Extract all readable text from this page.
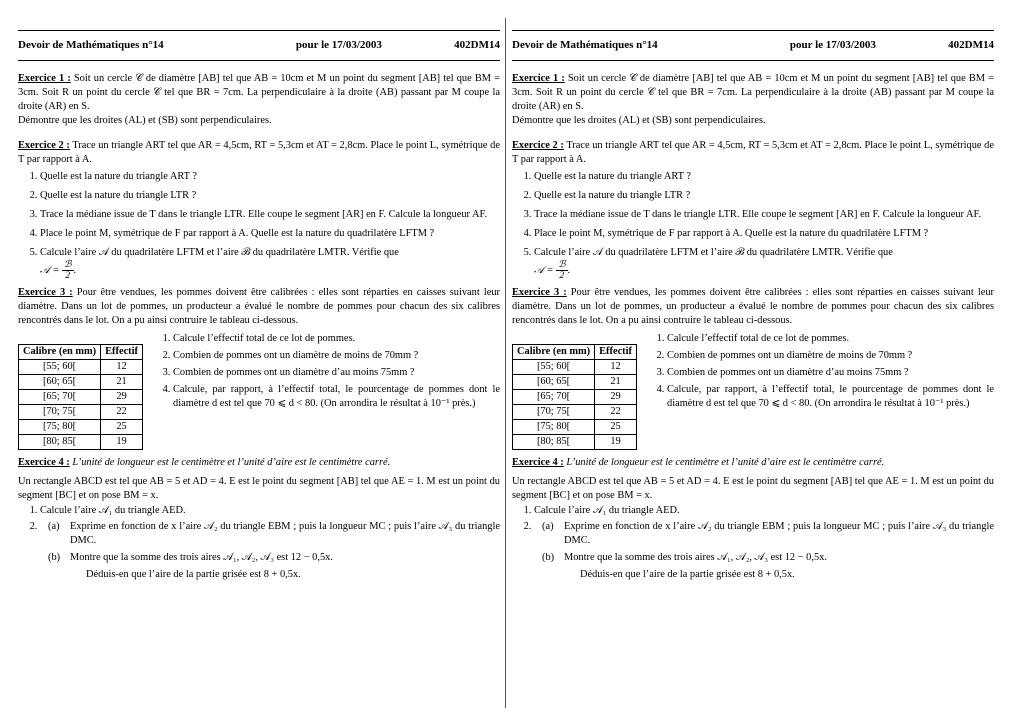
Devoir de Mathématiques n°14	pour le 17/03/2003	402DM14
Exercice 1 : Soit un cercle 𝒞 de diamètre [AB] tel que AB = 10cm et M un point du segment [AB] tel que BM = 3cm. Soit R un point du cercle 𝒞 tel que BR = 7cm. La perpendiculaire à la droite (AB) passant par M coupe la droite (AR) en S.
Démontre que les droites (AL) et (SB) sont perpendiculaires.
Exercice 2 : Trace un triangle ART tel que AR = 4,5cm, RT = 5,3cm et AT = 2,8cm. Place le point L, symétrique de T par rapport à A.
1. Quelle est la nature du triangle ART ?
2. Quelle est la nature du triangle LTR ?
3. Trace la médiane issue de T dans le triangle LTR. Elle coupe le segment [AR] en F. Calcule la longueur AF.
4. Place le point M, symétrique de F par rapport à A. Quelle est la nature du quadrilatère LFTM ?
5. Calcule l’aire 𝒜 du quadrilatère LFTM et l’aire ℬ du quadrilatère LMTR. Vérifie que
𝒜 = $\frac{\text{ℬ}}{2}$ .
Exercice 3 : Pour être vendues, les pommes doivent être calibrées : elles sont réparties en caisses suivant leur diamètre. Dans un lot de pommes, un producteur a évalué le nombre de pommes pour chacun des six calibres rencontrés dans le lot. On a pu ainsi contruire le tableau ci-dessous.
Calibre (en mm)	Effectif
[55; 60[	12
[60; 65[	21
[65; 70[	29
[70; 75[	22
[75; 80[	25
[80; 85[	19
1. Calcule l’effectif total de ce lot de pommes.
2. Combien de pommes ont un diamètre de moins de 70mm ?
3. Combien de pommes ont un diamètre d’au moins 75mm ?
4. Calcule, par rapport, à l’effectif total, le pourcentage de pommes dont le diamètre d est tel que 70 ⩽ d < 80. (On arrondira le résultat à 10⁻¹ près.)
Exercice 4 : L’unité de longueur est le centimètre et l’unité d’aire est le centimètre carré.
Un rectangle ABCD est tel que AB = 5 et AD = 4. E est le point du segment [AB] tel que AE = 1. M est un point du segment [BC] et on pose BM = x.
1. Calcule l’aire 𝒜₁ du triangle AED.
2. (a) Exprime en fonction de x l’aire 𝒜₂ du triangle EBM ; puis la longueur MC ; puis l’aire 𝒜₃ du triangle DMC.
(b) Montre que la somme des trois aires 𝒜₁, 𝒜₂, 𝒜₃ est 12 − 0,5x.
Déduis-en que l’aire de la partie grisée est 8 + 0,5x.
Devoir de Mathématiques n°14	pour le 17/03/2003	402DM14
Exercice 1 : Soit un cercle 𝒞 de diamètre [AB] tel que AB = 10cm et M un point du segment [AB] tel que BM = 3cm. Soit R un point du cercle 𝒞 tel que BR = 7cm. La perpendiculaire à la droite (AB) passant par M coupe la droite (AR) en S.
Démontre que les droites (AL) et (SB) sont perpendiculaires.
Exercice 2 : Trace un triangle ART tel que AR = 4,5cm, RT = 5,3cm et AT = 2,8cm. Place le point L, symétrique de T par rapport à A.
1. Quelle est la nature du triangle ART ?
2. Quelle est la nature du triangle LTR ?
3. Trace la médiane issue de T dans le triangle LTR. Elle coupe le segment [AR] en F. Calcule la longueur AF.
4. Place le point M, symétrique de F par rapport à A. Quelle est la nature du quadrilatère LFTM ?
5. Calcule l’aire 𝒜 du quadrilatère LFTM et l’aire ℬ du quadrilatère LMTR. Vérifie que
𝒜 = $\frac{\text{ℬ}}{2}$ .
Exercice 3 : Pour être vendues, les pommes doivent être calibrées : elles sont réparties en caisses suivant leur diamètre. Dans un lot de pommes, un producteur a évalué le nombre de pommes pour chacun des six calibres rencontrés dans le lot. On a pu ainsi contruire le tableau ci-dessous.
Calibre (en mm)	Effectif
[55; 60[	12
[60; 65[	21
[65; 70[	29
[70; 75[	22
[75; 80[	25
[80; 85[	19
1. Calcule l’effectif total de ce lot de pommes.
2. Combien de pommes ont un diamètre de moins de 70mm ?
3. Combien de pommes ont un diamètre d’au moins 75mm ?
4. Calcule, par rapport, à l’effectif total, le pourcentage de pommes dont le diamètre d est tel que 70 ⩽ d < 80. (On arrondira le résultat à 10⁻¹ près.)
Exercice 4 : L’unité de longueur est le centimètre et l’unité d’aire est le centimètre carré.
Un rectangle ABCD est tel que AB = 5 et AD = 4. E est le point du segment [AB] tel que AE = 1. M est un point du segment [BC] et on pose BM = x.
1. Calcule l’aire 𝒜₁ du triangle AED.
2. (a) Exprime en fonction de x l’aire 𝒜₂ du triangle EBM ; puis la longueur MC ; puis l’aire 𝒜₃ du triangle DMC.
(b) Montre que la somme des trois aires 𝒜₁, 𝒜₂, 𝒜₃ est 12 − 0,5x.
Déduis-en que l’aire de la partie grisée est 8 + 0,5x.
